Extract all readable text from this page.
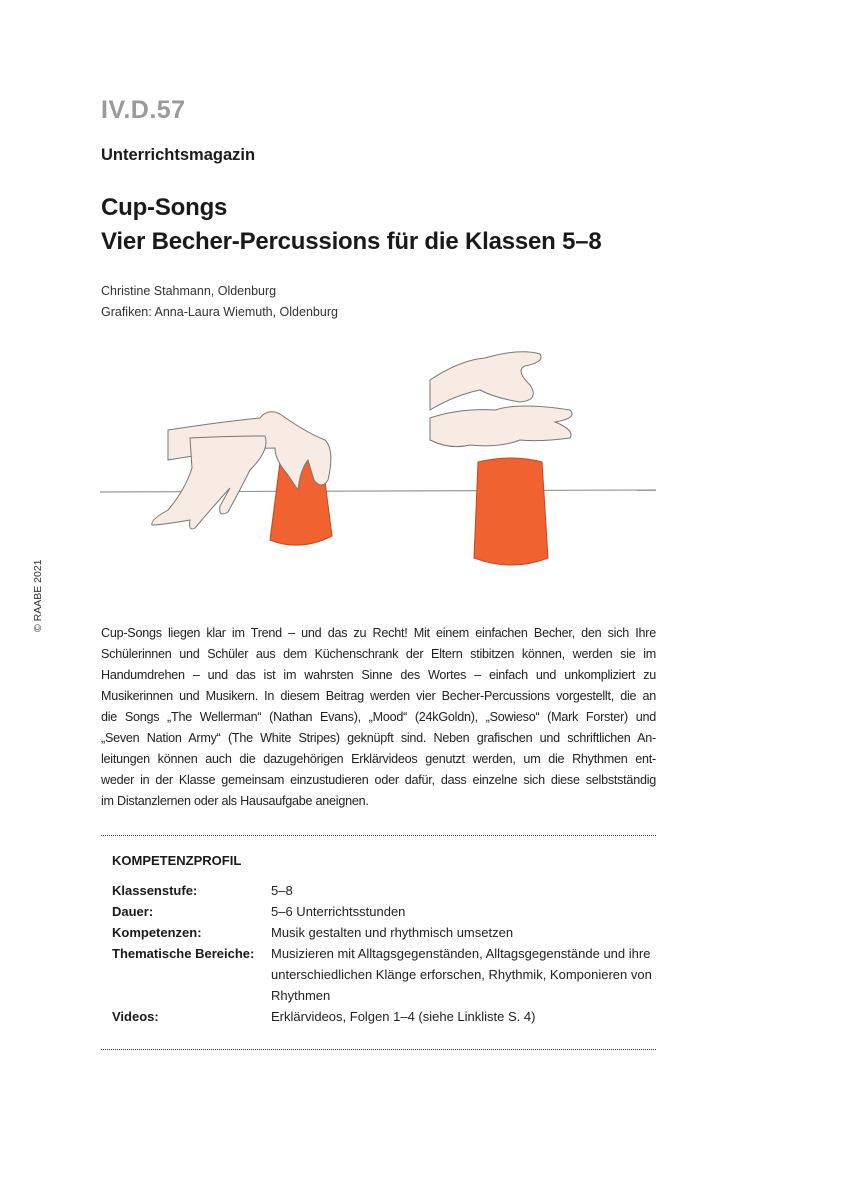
IV.D.57
Unterrichtsmagazin
Cup-Songs
Vier Becher-Percussions für die Klassen 5–8
Christine Stahmann, Oldenburg
Grafiken: Anna-Laura Wiemuth, Oldenburg
© RAABE 2021
Cup-Songs liegen klar im Trend – und das zu Recht! Mit einem einfachen Becher, den sich Ihre
Schülerinnen und Schüler aus dem Küchenschrank der Eltern stibitzen können, werden sie im
Handumdrehen – und das ist im wahrsten Sinne des Wortes – einfach und unkompliziert zu
Musikerinnen und Musikern. In diesem Beitrag werden vier Becher-Percussions vorgestellt, die an
die Songs „The Wellerman“ (Nathan Evans), „Mood“ (24kGoldn), „Sowieso“ (Mark Forster) und
„Seven Nation Army“ (The White Stripes) geknüpft sind. Neben grafischen und schriftlichen An-
leitungen können auch die dazugehörigen Erklärvideos genutzt werden, um die Rhythmen ent-
weder in der Klasse gemeinsam einzustudieren oder dafür, dass einzelne sich diese selbstständig
im Distanzlernen oder als Hausaufgabe aneignen.
KOMPETENZPROFIL
Klassenstufe:	5–8
Dauer:	5–6 Unterrichtsstunden
Kompetenzen:	Musik gestalten und rhythmisch umsetzen
Thematische Bereiche:	Musizieren mit Alltagsgegenständen, Alltagsgegenstände und ihre unterschiedlichen Klänge erforschen, Rhythmik, Komponieren von Rhythmen
Videos:	Erklärvideos, Folgen 1–4 (siehe Linkliste S. 4)
